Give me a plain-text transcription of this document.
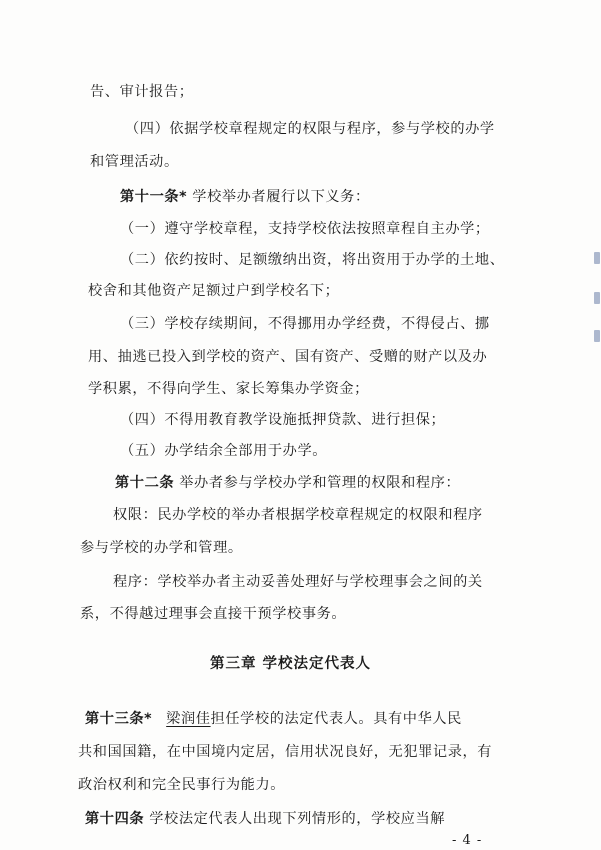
告、审计报告；
（四）依据学校章程规定的权限与程序，参与学校的办学
和管理活动。
第十一条* 学校举办者履行以下义务：
（一）遵守学校章程，支持学校依法按照章程自主办学；
（二）依约按时、足额缴纳出资，将出资用于办学的土地、
校舍和其他资产足额过户到学校名下；
（三）学校存续期间，不得挪用办学经费，不得侵占、挪
用、抽逃已投入到学校的资产、国有资产、受赠的财产以及办
学积累，不得向学生、家长筹集办学资金；
（四）不得用教育教学设施抵押贷款、进行担保；
（五）办学结余全部用于办学。
第十二条 举办者参与学校办学和管理的权限和程序：
权限：民办学校的举办者根据学校章程规定的权限和程序
参与学校的办学和管理。
程序：学校举办者主动妥善处理好与学校理事会之间的关
系，不得越过理事会直接干预学校事务。
第三章 学校法定代表人
第十三条* 梁润佳担任学校的法定代表人。具有中华人民
共和国国籍，在中国境内定居，信用状况良好，无犯罪记录，有
政治权利和完全民事行为能力。
第十四条 学校法定代表人出现下列情形的，学校应当解
- 4 -
